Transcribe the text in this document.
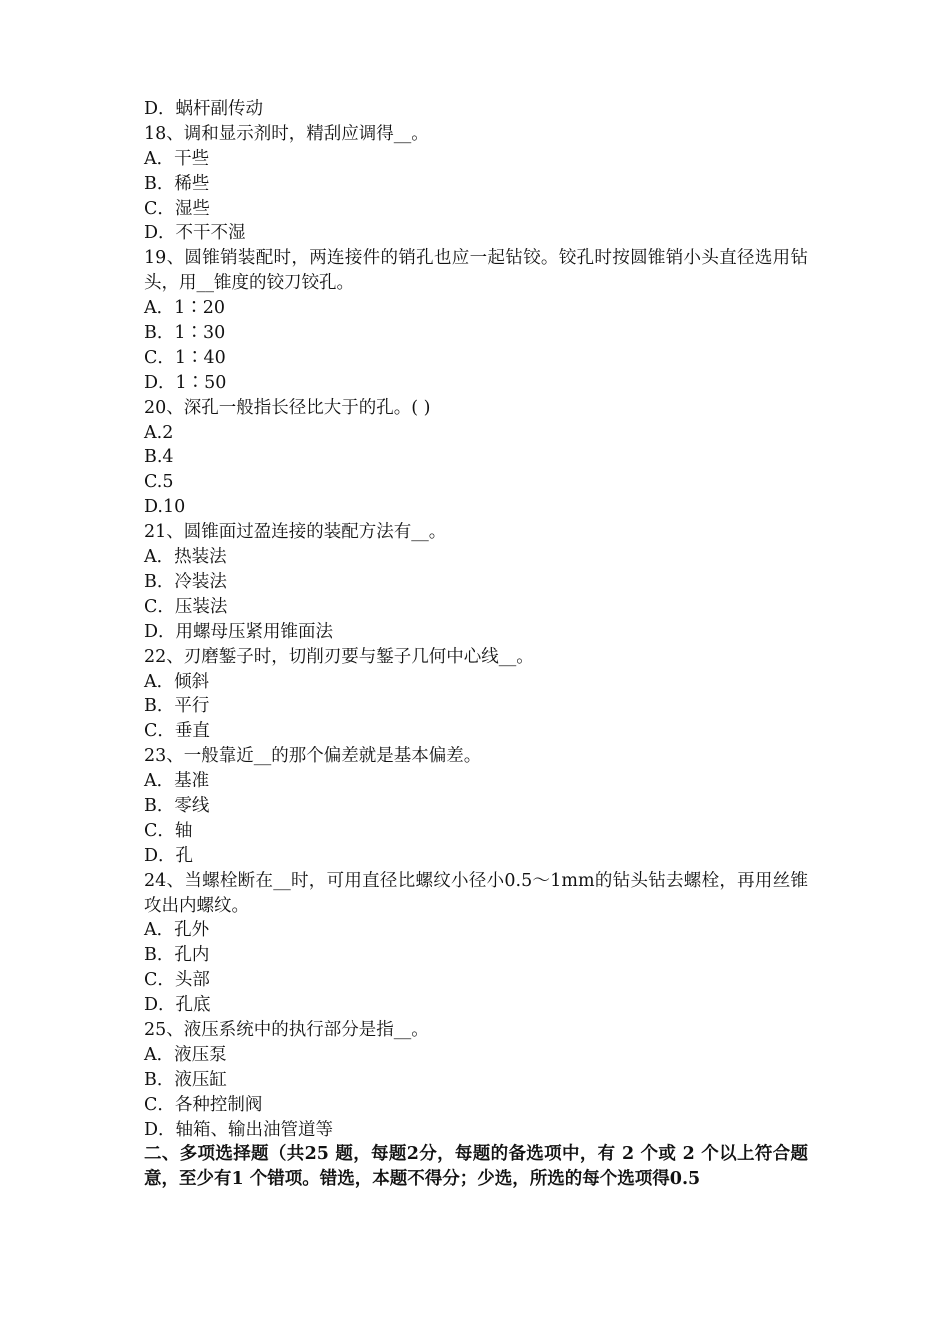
D．蜗杆副传动
18、调和显示剂时，精刮应调得__。
A．干些
B．稀些
C．湿些
D．不干不湿
19、圆锥销装配时，两连接件的销孔也应一起钻铰。铰孔时按圆锥销小头直径选用钻头，用__锥度的铰刀铰孔。
A．1∶20
B．1∶30
C．1∶40
D．1∶50
20、深孔一般指长径比大于的孔。( )
A.2
B.4
C.5
D.10
21、圆锥面过盈连接的装配方法有__。
A．热装法
B．冷装法
C．压装法
D．用螺母压紧用锥面法
22、刃磨錾子时，切削刃要与錾子几何中心线__。
A．倾斜
B．平行
C．垂直
23、一般靠近__的那个偏差就是基本偏差。
A．基准
B．零线
C．轴
D．孔
24、当螺栓断在__时，可用直径比螺纹小径小0.5～1mm的钻头钻去螺栓，再用丝锥攻出内螺纹。
A．孔外
B．孔内
C．头部
D．孔底
25、液压系统中的执行部分是指__。
A．液压泵
B．液压缸
C．各种控制阀
D．轴箱、输出油管道等
二、多项选择题（共25 题，每题2分，每题的备选项中，有 2 个或 2 个以上符合题意，至少有1 个错项。错选，本题不得分；少选，所选的每个选项得0.5
